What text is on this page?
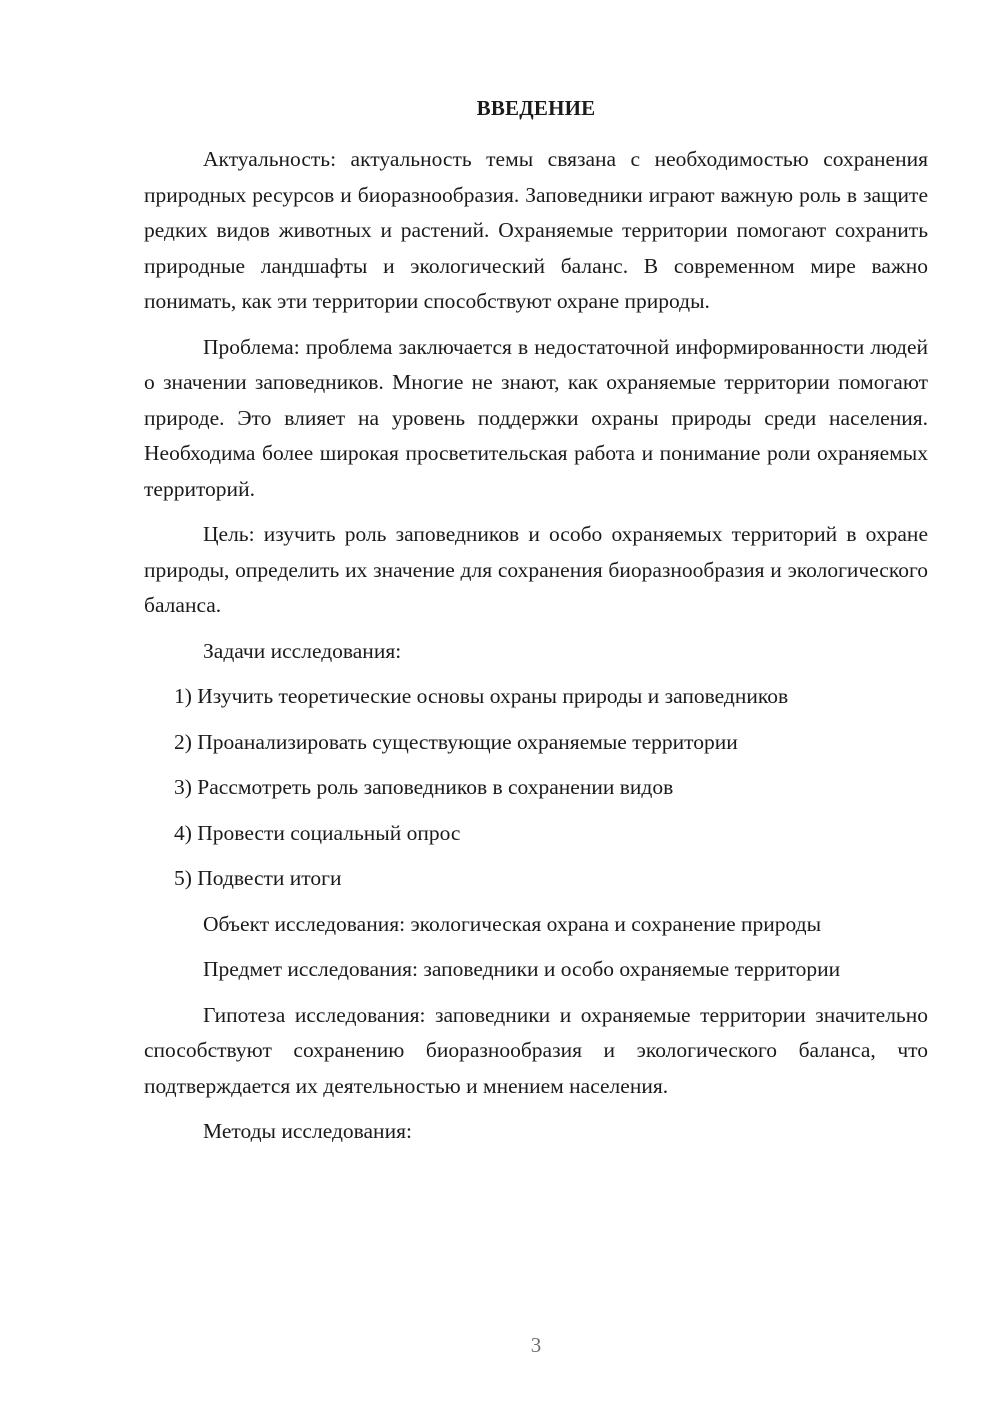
ВВЕДЕНИЕ

Актуальность: актуальность темы связана с необходимостью сохранения природных ресурсов и биоразнообразия. Заповедники играют важную роль в защите редких видов животных и растений. Охраняемые территории помогают сохранить природные ландшафты и экологический баланс. В современном мире важно понимать, как эти территории способствуют охране природы.

Проблема: проблема заключается в недостаточной информированности людей о значении заповедников. Многие не знают, как охраняемые территории помогают природе. Это влияет на уровень поддержки охраны природы среди населения. Необходима более широкая просветительская работа и понимание роли охраняемых территорий.

Цель: изучить роль заповедников и особо охраняемых территорий в охране природы, определить их значение для сохранения биоразнообразия и экологического баланса.

Задачи исследования:

1) Изучить теоретические основы охраны природы и заповедников
2) Проанализировать существующие охраняемые территории
3) Рассмотреть роль заповедников в сохранении видов
4) Провести социальный опрос
5) Подвести итоги

Объект исследования: экологическая охрана и сохранение природы

Предмет исследования: заповедники и особо охраняемые территории

Гипотеза исследования: заповедники и охраняемые территории значительно способствуют сохранению биоразнообразия и экологического баланса, что подтверждается их деятельностью и мнением населения.

Методы исследования:

3
